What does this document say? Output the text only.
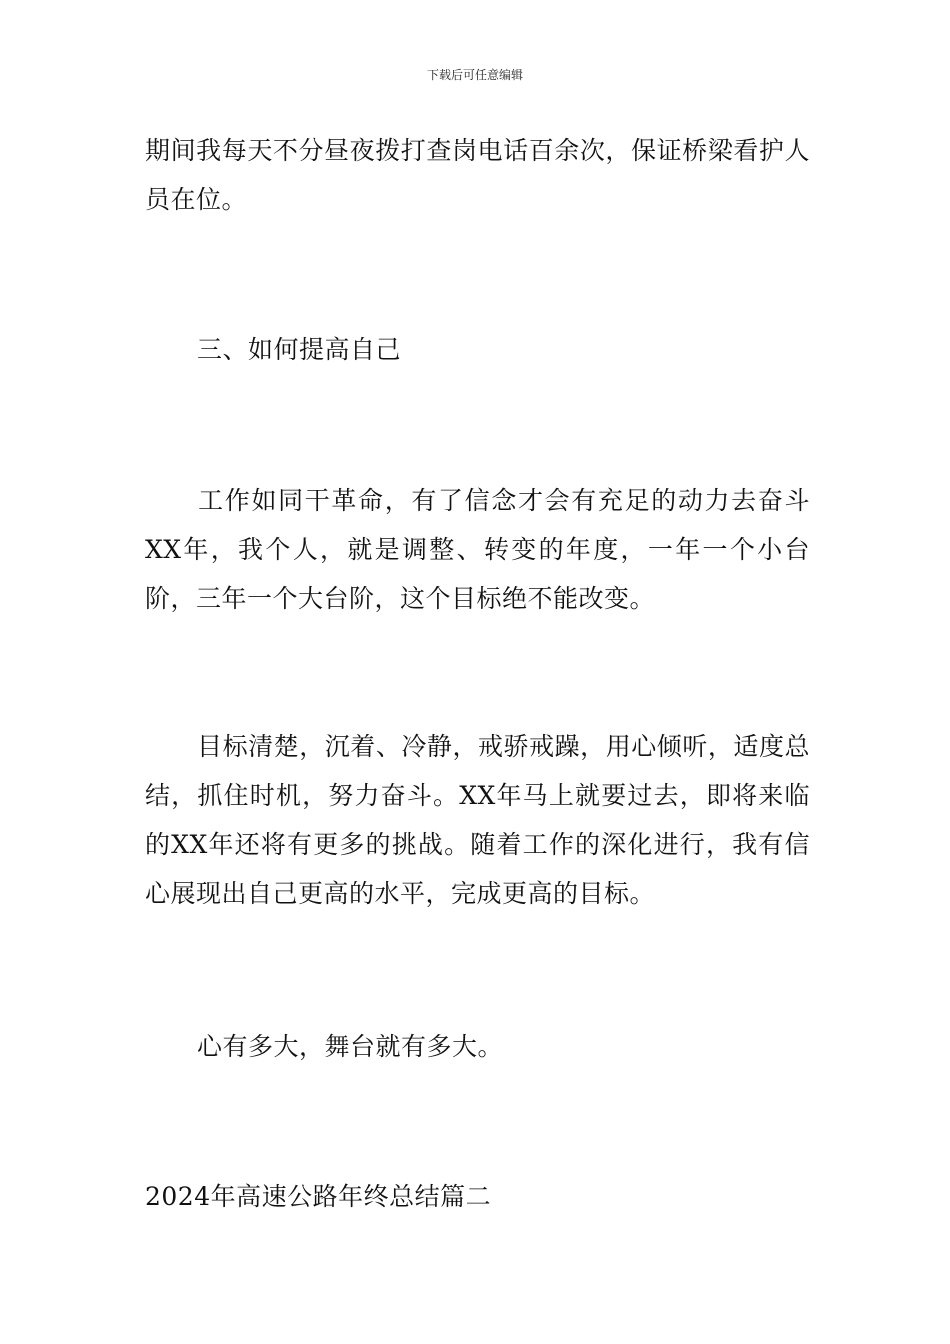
下载后可任意编辑

期间我每天不分昼夜拨打查岗电话百余次，保证桥梁看护人员在位。

三、如何提高自己

工作如同干革命，有了信念才会有充足的动力去奋斗XX年，我个人，就是调整、转变的年度，一年一个小台阶，三年一个大台阶，这个目标绝不能改变。

目标清楚，沉着、冷静，戒骄戒躁，用心倾听，适度总结，抓住时机，努力奋斗。XX年马上就要过去，即将来临的XX年还将有更多的挑战。随着工作的深化进行，我有信心展现出自己更高的水平，完成更高的目标。

心有多大，舞台就有多大。

2024年高速公路年终总结篇二
